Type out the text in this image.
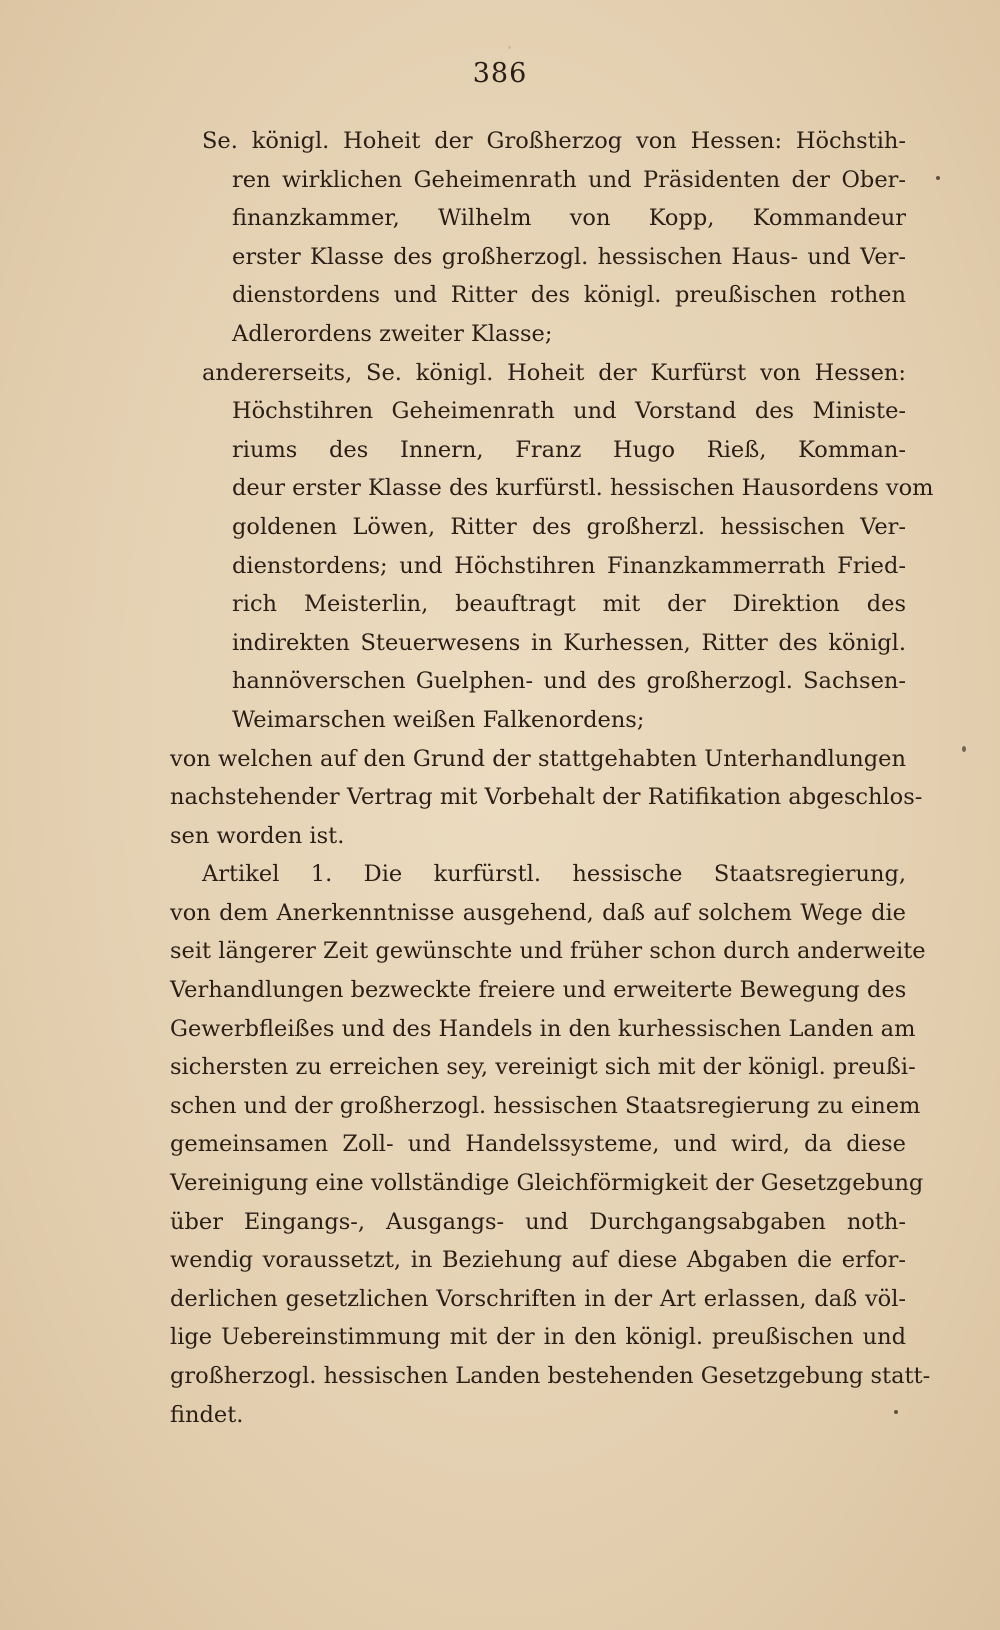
386
Se. königl. Hoheit der Großherzog von Hessen: Höchstih-
ren wirklichen Geheimenrath und Präsidenten der Ober-
finanzkammer, Wilhelm von Kopp, Kommandeur
erster Klasse des großherzogl. hessischen Haus- und Ver-
dienstordens und Ritter des königl. preußischen rothen
Adlerordens zweiter Klasse;
andererseits, Se. königl. Hoheit der Kurfürst von Hessen:
Höchstihren Geheimenrath und Vorstand des Ministe-
riums des Innern, Franz Hugo Rieß, Komman-
deur erster Klasse des kurfürstl. hessischen Hausordens vom
goldenen Löwen, Ritter des großherzl. hessischen Ver-
dienstordens; und Höchstihren Finanzkammerrath Fried-
rich Meisterlin, beauftragt mit der Direktion des
indirekten Steuerwesens in Kurhessen, Ritter des königl.
hannöverschen Guelphen- und des großherzogl. Sachsen-
Weimarschen weißen Falkenordens;
von welchen auf den Grund der stattgehabten Unterhandlungen
nachstehender Vertrag mit Vorbehalt der Ratifikation abgeschlos-
sen worden ist.
Artikel 1. Die kurfürstl. hessische Staatsregierung,
von dem Anerkenntnisse ausgehend, daß auf solchem Wege die
seit längerer Zeit gewünschte und früher schon durch anderweite
Verhandlungen bezweckte freiere und erweiterte Bewegung des
Gewerbfleißes und des Handels in den kurhessischen Landen am
sichersten zu erreichen sey, vereinigt sich mit der königl. preußi-
schen und der großherzogl. hessischen Staatsregierung zu einem
gemeinsamen Zoll- und Handelssysteme, und wird, da diese
Vereinigung eine vollständige Gleichförmigkeit der Gesetzgebung
über Eingangs-, Ausgangs- und Durchgangsabgaben noth-
wendig voraussetzt, in Beziehung auf diese Abgaben die erfor-
derlichen gesetzlichen Vorschriften in der Art erlassen, daß völ-
lige Uebereinstimmung mit der in den königl. preußischen und
großherzogl. hessischen Landen bestehenden Gesetzgebung statt-
findet.
